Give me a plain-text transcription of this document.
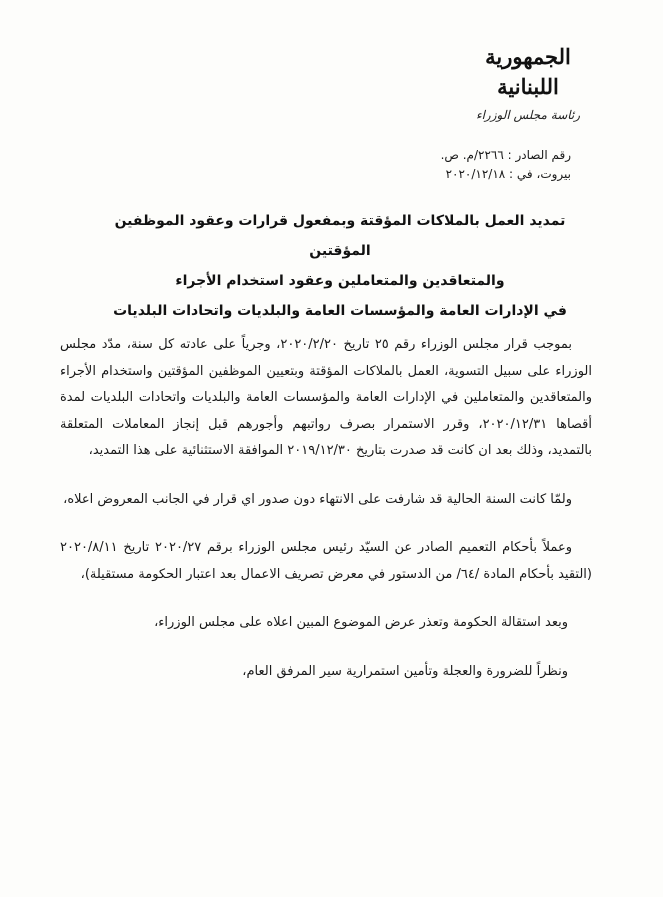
الجمهورية اللبنانية
رئاسة مجلس الوزراء
رقم الصادر : ٢٢٦٦/م. ص.
بيروت، في : ٢٠٢٠/١٢/١٨
تمديد العمل بالملاكات المؤقتة وبمفعول قرارات وعقود الموظفين المؤقتين
والمتعاقدين والمتعاملين وعقود استخدام الأجراء
في الإدارات العامة والمؤسسات العامة والبلديات واتحادات البلديات

بموجب قرار مجلس الوزراء رقم ٢٥ تاريخ ٢٠٢٠/٢/٢٠، وجرياً على عادته كل سنة، مدّد مجلس الوزراء على سبيل التسوية، العمل بالملاكات المؤقتة وبتعيين الموظفين المؤقتين واستخدام الأجراء والمتعاقدين والمتعاملين في الإدارات العامة والمؤسسات العامة والبلديات واتحادات البلديات لمدة أقصاها ٢٠٢٠/١٢/٣١، وقرر الاستمرار بصرف رواتبهم وأجورهم قبل إنجاز المعاملات المتعلقة بالتمديد، وذلك بعد ان كانت قد صدرت بتاريخ ٢٠١٩/١٢/٣٠ الموافقة الاستثنائية على هذا التمديد،

ولمّا كانت السنة الحالية قد شارفت على الانتهاء دون صدور اي قرار في الجانب المعروض اعلاه،

وعملاً بأحكام التعميم الصادر عن السيّد رئيس مجلس الوزراء برقم ٢٠٢٠/٢٧ تاريخ ٢٠٢٠/٨/١١ (التقيد بأحكام المادة /٦٤/ من الدستور في معرض تصريف الاعمال بعد اعتبار الحكومة مستقيلة)،

وبعد استقالة الحكومة وتعذر عرض الموضوع المبين اعلاه على مجلس الوزراء،

ونظراً للضرورة والعجلة وتأمين استمرارية سير المرفق العام،
